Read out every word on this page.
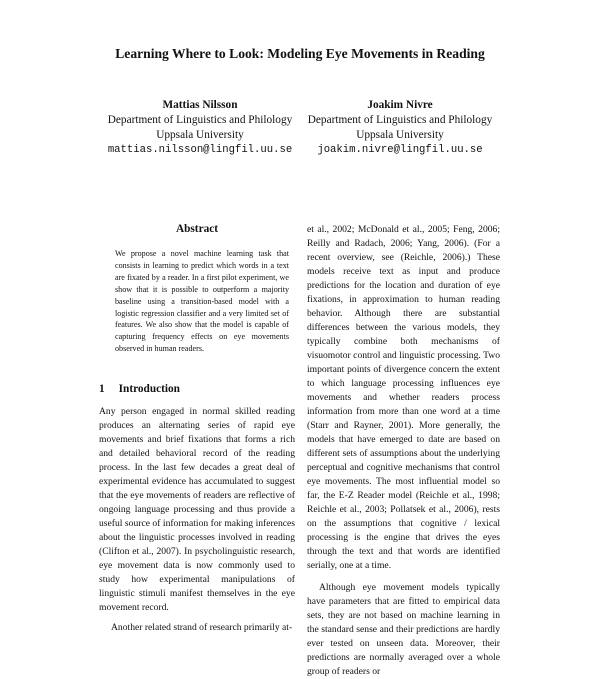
Learning Where to Look: Modeling Eye Movements in Reading
Mattias Nilsson
Department of Linguistics and Philology
Uppsala University
mattias.nilsson@lingfil.uu.se
Joakim Nivre
Department of Linguistics and Philology
Uppsala University
joakim.nivre@lingfil.uu.se
Abstract

We propose a novel machine learning task that consists in learning to predict which words in a text are fixated by a reader. In a first pilot experiment, we show that it is possible to outperform a majority baseline using a transition-based model with a logistic regression classifier and a very limited set of features. We also show that the model is capable of capturing frequency effects on eye movements observed in human readers.

1 Introduction

Any person engaged in normal skilled reading produces an alternating series of rapid eye movements and brief fixations that forms a rich and detailed behavioral record of the reading process. In the last few decades a great deal of experimental evidence has accumulated to suggest that the eye movements of readers are reflective of ongoing language processing and thus provide a useful source of information for making inferences about the linguistic processes involved in reading (Clifton et al., 2007). In psycholinguistic research, eye movement data is now commonly used to study how experimental manipulations of linguistic stimuli manifest themselves in the eye movement record.

Another related strand of research primarily at-

et al., 2002; McDonald et al., 2005; Feng, 2006; Reilly and Radach, 2006; Yang, 2006). (For a recent overview, see (Reichle, 2006).) These models receive text as input and produce predictions for the location and duration of eye fixations, in approximation to human reading behavior. Although there are substantial differences between the various models, they typically combine both mechanisms of visuomotor control and linguistic processing. Two important points of divergence concern the extent to which language processing influences eye movements and whether readers process information from more than one word at a time (Starr and Rayner, 2001). More generally, the models that have emerged to date are based on different sets of assumptions about the underlying perceptual and cognitive mechanisms that control eye movements. The most influential model so far, the E-Z Reader model (Reichle et al., 1998; Reichle et al., 2003; Pollatsek et al., 2006), rests on the assumptions that cognitive / lexical processing is the engine that drives the eyes through the text and that words are identified serially, one at a time.

Although eye movement models typically have parameters that are fitted to empirical data sets, they are not based on machine learning in the standard sense and their predictions are hardly ever tested on unseen data. Moreover, their predictions are normally averaged over a whole group of readers or
